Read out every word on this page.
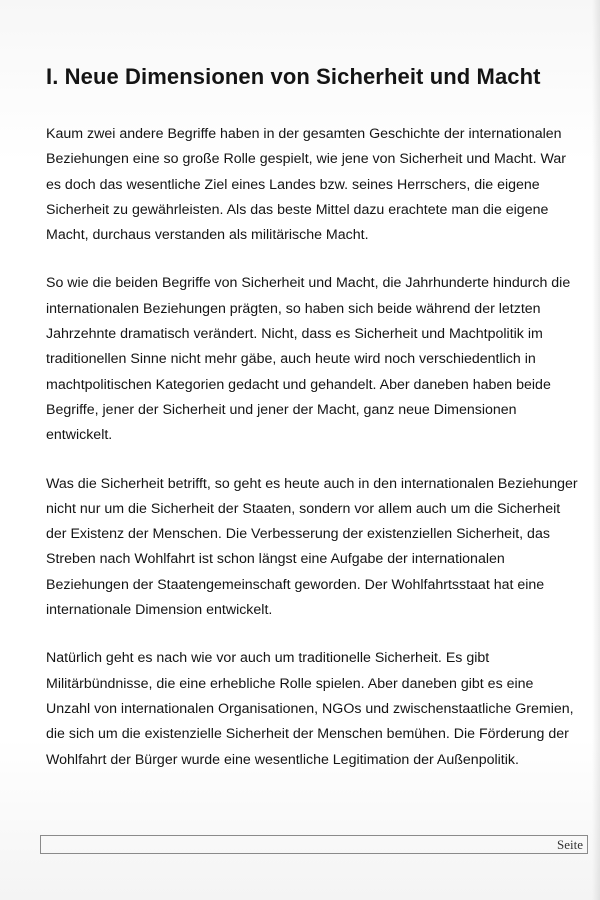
I. Neue Dimensionen von Sicherheit und Macht
Kaum zwei andere Begriffe haben in der gesamten Geschichte der internationalen
Beziehungen eine so große Rolle gespielt, wie jene von Sicherheit und Macht. War
es doch das wesentliche Ziel eines Landes bzw. seines Herrschers, die eigene
Sicherheit zu gewährleisten. Als das beste Mittel dazu erachtete man die eigene
Macht, durchaus verstanden als militärische Macht.
So wie die beiden Begriffe von Sicherheit und Macht, die Jahrhunderte hindurch die
internationalen Beziehungen prägten, so haben sich beide während der letzten
Jahrzehnte dramatisch verändert. Nicht, dass es Sicherheit und Machtpolitik im
traditionellen Sinne nicht mehr gäbe, auch heute wird noch verschiedentlich in
machtpolitischen Kategorien gedacht und gehandelt. Aber daneben haben beide
Begriffe, jener der Sicherheit und jener der Macht, ganz neue Dimensionen
entwickelt.
Was die Sicherheit betrifft, so geht es heute auch in den internationalen Beziehunger
nicht nur um die Sicherheit der Staaten, sondern vor allem auch um die Sicherheit
der Existenz der Menschen. Die Verbesserung der existenziellen Sicherheit, das
Streben nach Wohlfahrt ist schon längst eine Aufgabe der internationalen
Beziehungen der Staatengemeinschaft geworden. Der Wohlfahrtsstaat hat eine
internationale Dimension entwickelt.
Natürlich geht es nach wie vor auch um traditionelle Sicherheit. Es gibt
Militärbündnisse, die eine erhebliche Rolle spielen. Aber daneben gibt es eine
Unzahl von internationalen Organisationen, NGOs und zwischenstaatliche Gremien,
die sich um die existenzielle Sicherheit der Menschen bemühen. Die Förderung der
Wohlfahrt der Bürger wurde eine wesentliche Legitimation der Außenpolitik.
Seite
